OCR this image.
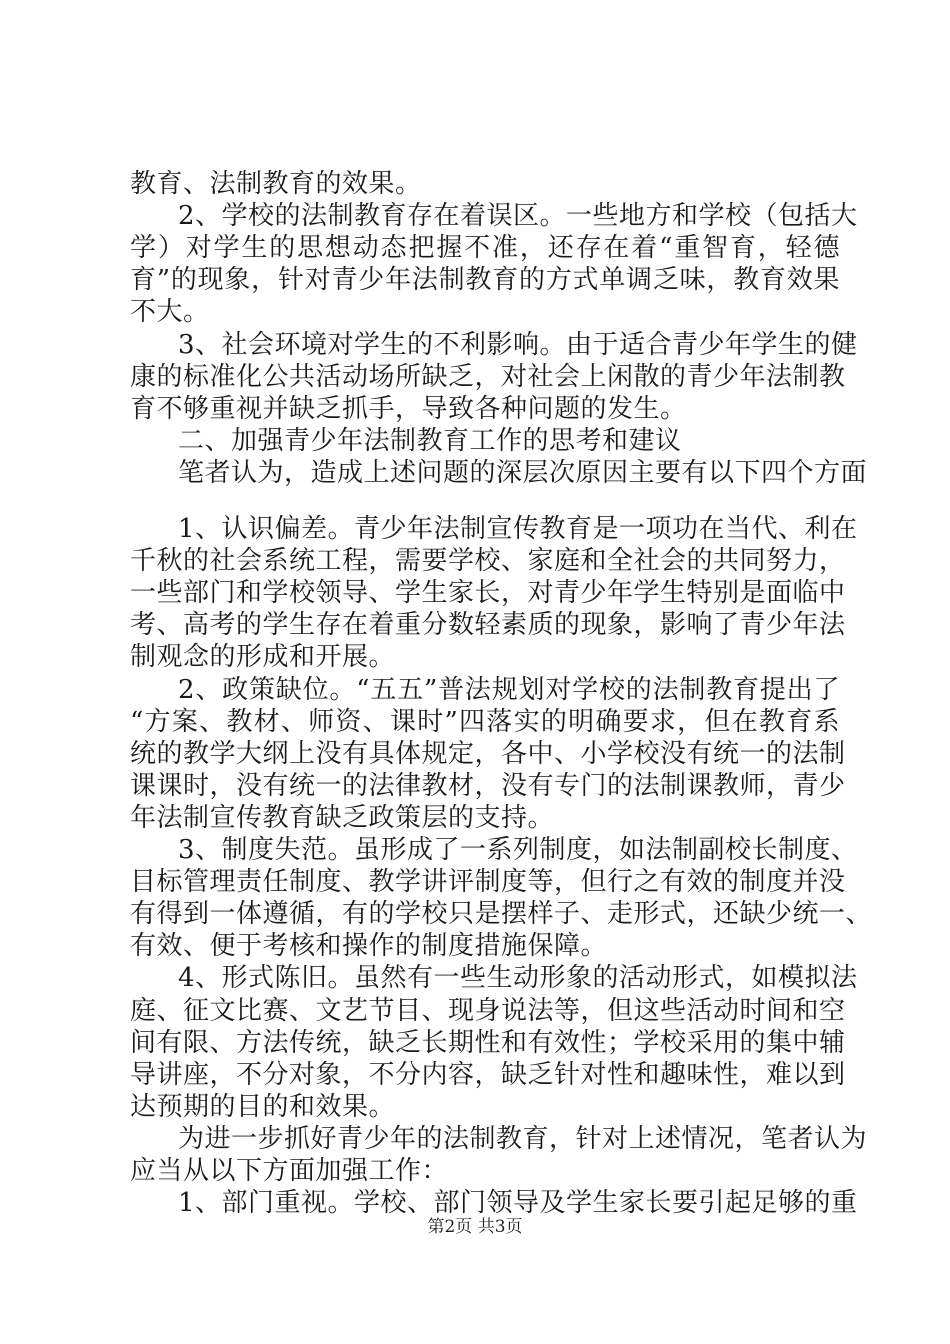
教育、法制教育的效果。
2、学校的法制教育存在着误区。一些地方和学校（包括大
学）对学生的思想动态把握不准，还存在着“重智育，轻德
育”的现象，针对青少年法制教育的方式单调乏味，教育效果
不大。
3、社会环境对学生的不利影响。由于适合青少年学生的健
康的标准化公共活动场所缺乏，对社会上闲散的青少年法制教
育不够重视并缺乏抓手，导致各种问题的发生。
二、加强青少年法制教育工作的思考和建议
笔者认为，造成上述问题的深层次原因主要有以下四个方面
1、认识偏差。青少年法制宣传教育是一项功在当代、利在
千秋的社会系统工程，需要学校、家庭和全社会的共同努力，
一些部门和学校领导、学生家长，对青少年学生特别是面临中
考、高考的学生存在着重分数轻素质的现象，影响了青少年法
制观念的形成和开展。
2、政策缺位。“五五”普法规划对学校的法制教育提出了
“方案、教材、师资、课时”四落实的明确要求，但在教育系
统的教学大纲上没有具体规定，各中、小学校没有统一的法制
课课时，没有统一的法律教材，没有专门的法制课教师，青少
年法制宣传教育缺乏政策层的支持。
3、制度失范。虽形成了一系列制度，如法制副校长制度、
目标管理责任制度、教学讲评制度等，但行之有效的制度并没
有得到一体遵循，有的学校只是摆样子、走形式，还缺少统一、
有效、便于考核和操作的制度措施保障。
4、形式陈旧。虽然有一些生动形象的活动形式，如模拟法
庭、征文比赛、文艺节目、现身说法等，但这些活动时间和空
间有限、方法传统，缺乏长期性和有效性；学校采用的集中辅
导讲座，不分对象，不分内容，缺乏针对性和趣味性，难以到
达预期的目的和效果。
为进一步抓好青少年的法制教育，针对上述情况，笔者认为
应当从以下方面加强工作：
1、部门重视。学校、部门领导及学生家长要引起足够的重
第2页 共3页
